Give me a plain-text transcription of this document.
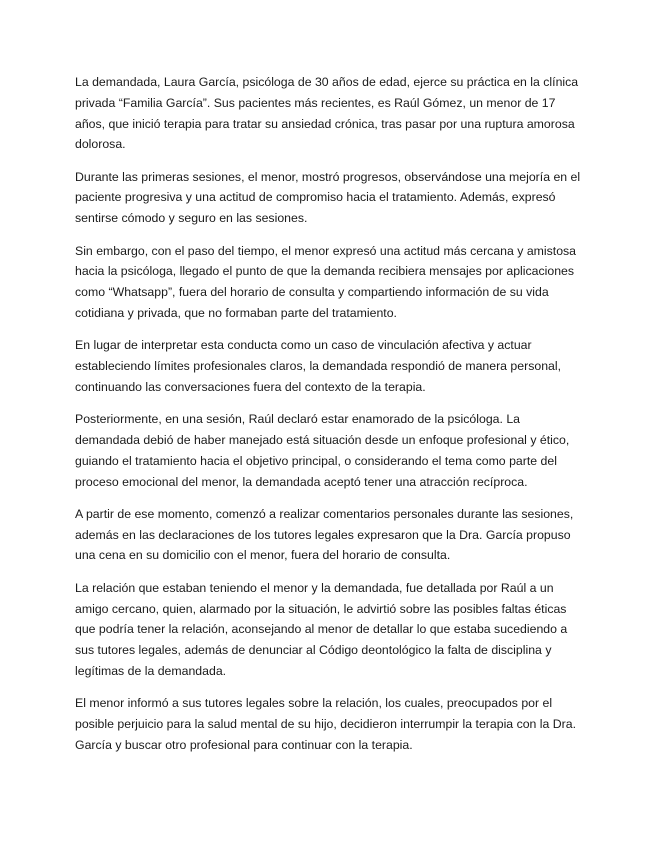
La demandada, Laura García, psicóloga de 30 años de edad, ejerce su práctica en la clínica privada “Familia García”. Sus pacientes más recientes, es Raúl Gómez, un menor de 17 años, que inició terapia para tratar su ansiedad crónica, tras pasar por una ruptura amorosa dolorosa.

Durante las primeras sesiones, el menor, mostró progresos, observándose una mejoría en el paciente progresiva y una actitud de compromiso hacia el tratamiento. Además, expresó sentirse cómodo y seguro en las sesiones.

Sin embargo, con el paso del tiempo, el menor expresó una actitud más cercana y amistosa hacia la psicóloga, llegado el punto de que la demanda recibiera mensajes por aplicaciones como “Whatsapp”, fuera del horario de consulta y compartiendo información de su vida cotidiana y privada, que no formaban parte del tratamiento.

En lugar de interpretar esta conducta como un caso de vinculación afectiva y actuar estableciendo límites profesionales claros, la demandada respondió de manera personal, continuando las conversaciones fuera del contexto de la terapia.

Posteriormente, en una sesión, Raúl declaró estar enamorado de la psicóloga. La demandada debió de haber manejado está situación desde un enfoque profesional y ético, guiando el tratamiento hacia el objetivo principal, o considerando el tema como parte del proceso emocional del menor, la demandada aceptó tener una atracción recíproca.

A partir de ese momento, comenzó a realizar comentarios personales durante las sesiones, además en las declaraciones de los tutores legales expresaron que la Dra. García propuso una cena en su domicilio con el menor, fuera del horario de consulta.

La relación que estaban teniendo el menor y la demandada, fue detallada por Raúl a un amigo cercano, quien, alarmado por la situación, le advirtió sobre las posibles faltas éticas que podría tener la relación, aconsejando al menor de detallar lo que estaba sucediendo a sus tutores legales, además de denunciar al Código deontológico la falta de disciplina y legítimas de la demandada.

El menor informó a sus tutores legales sobre la relación, los cuales, preocupados por el posible perjuicio para la salud mental de su hijo, decidieron interrumpir la terapia con la Dra. García y buscar otro profesional para continuar con la terapia.
